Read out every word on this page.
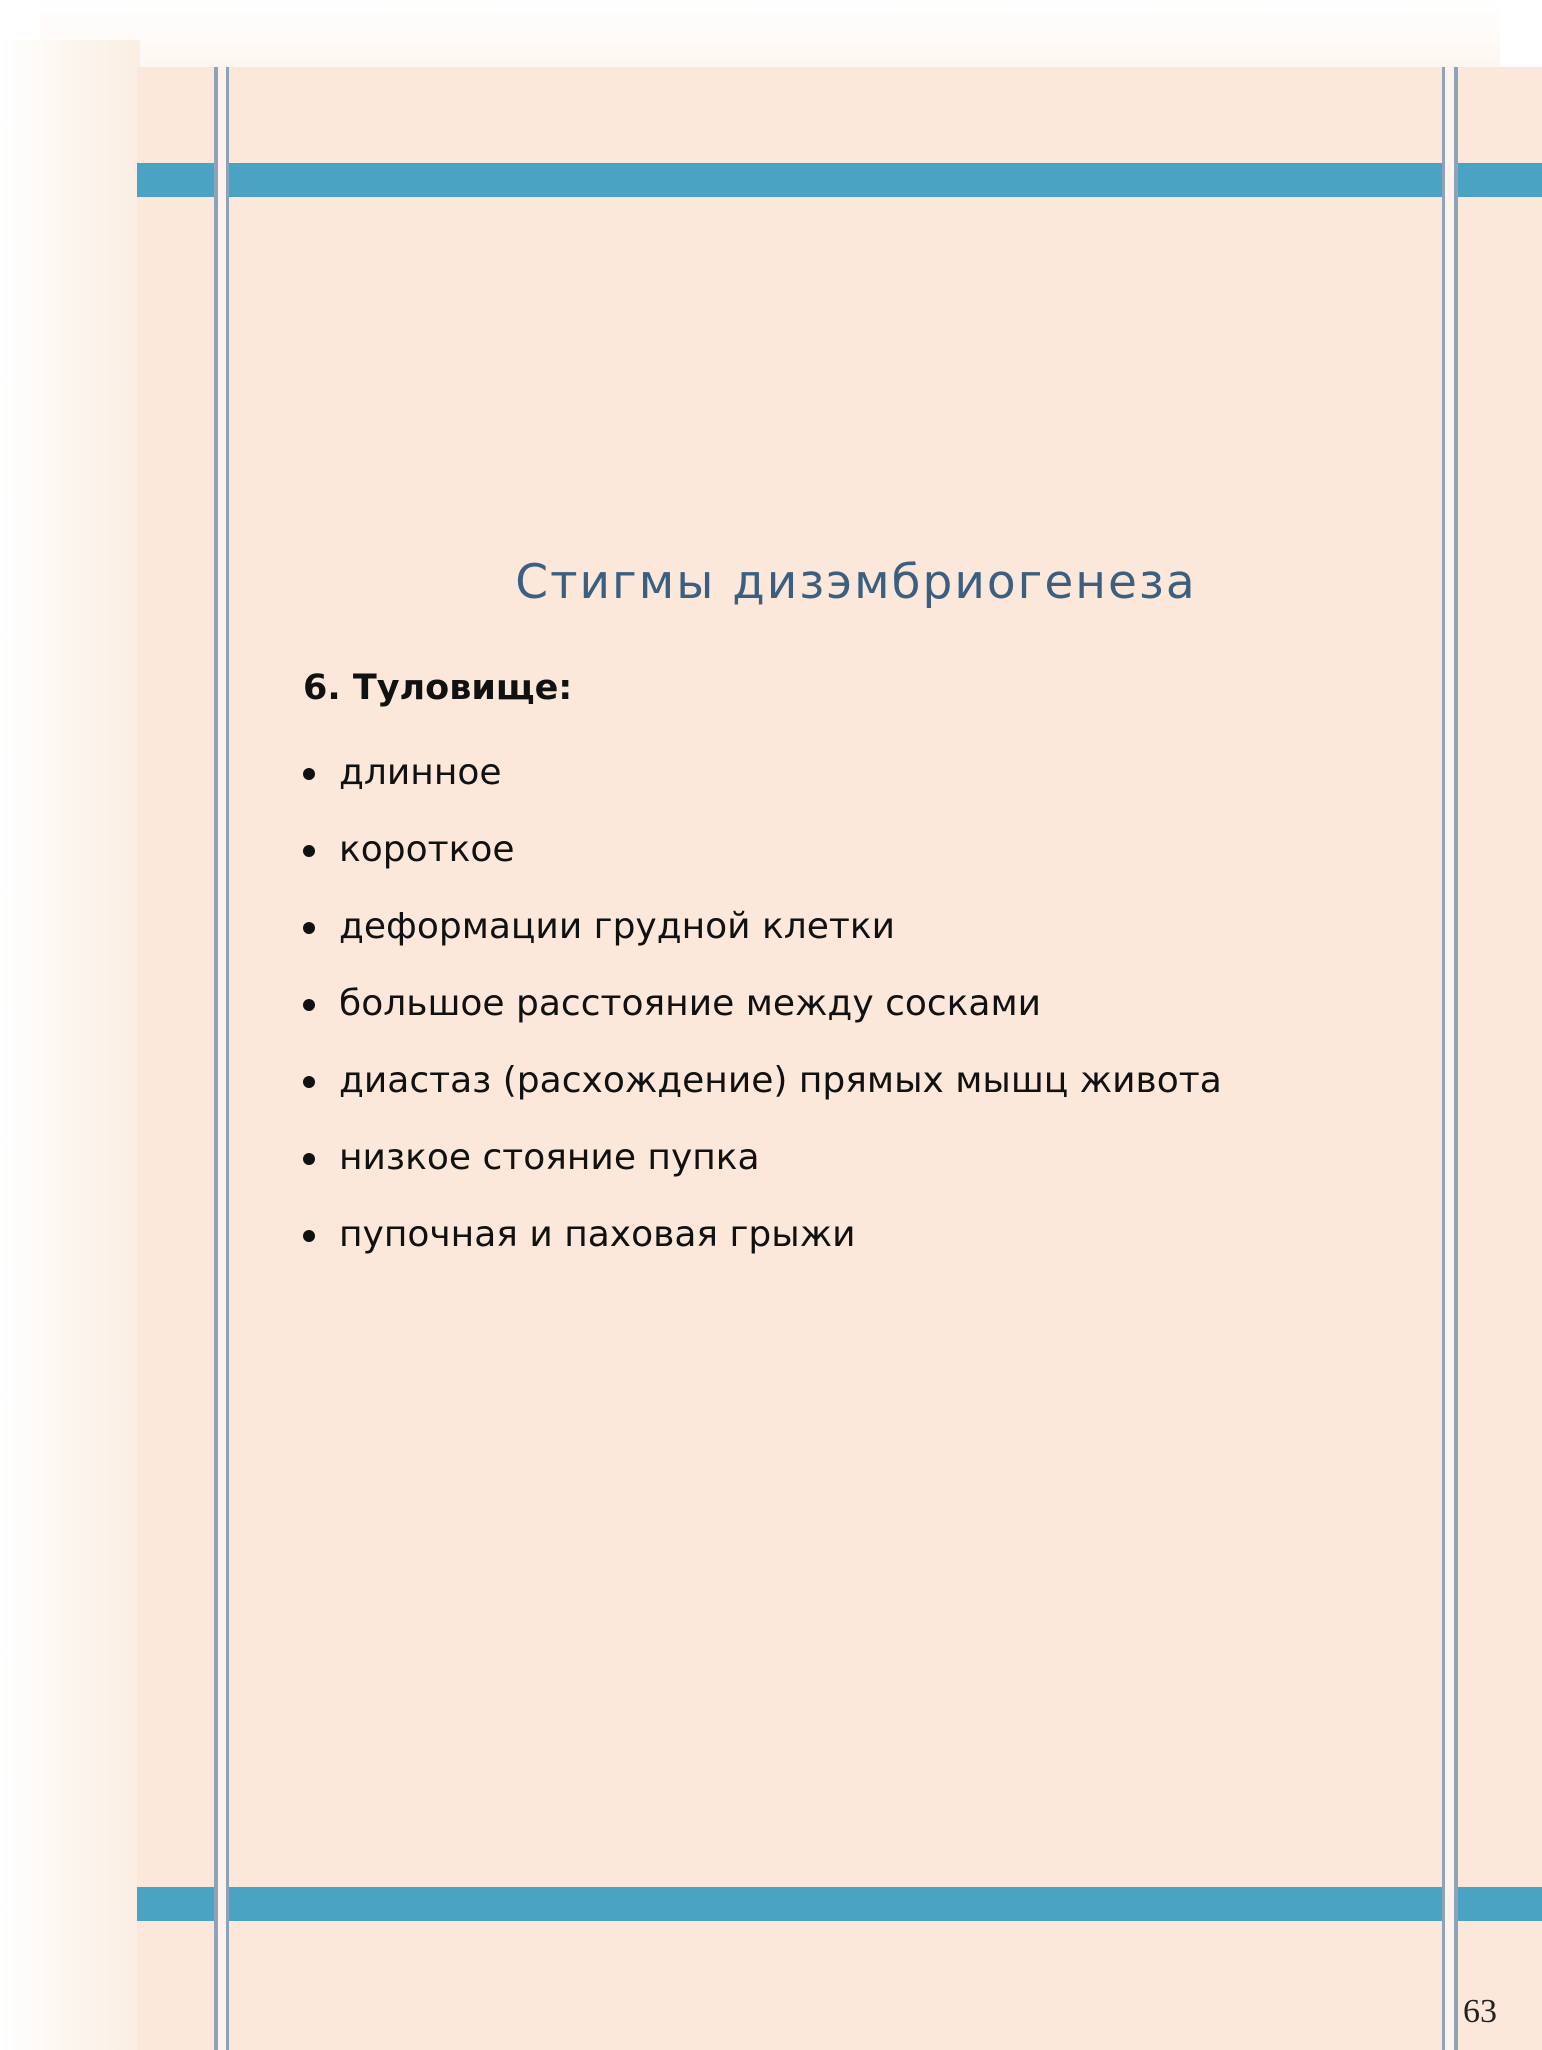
Стигмы дизэмбриогенеза
6. Туловище:
длинное
короткое
деформации грудной клетки
большое расстояние между сосками
диастаз (расхождение) прямых мышц живота
низкое стояние пупка
пупочная и паховая грыжи
63
